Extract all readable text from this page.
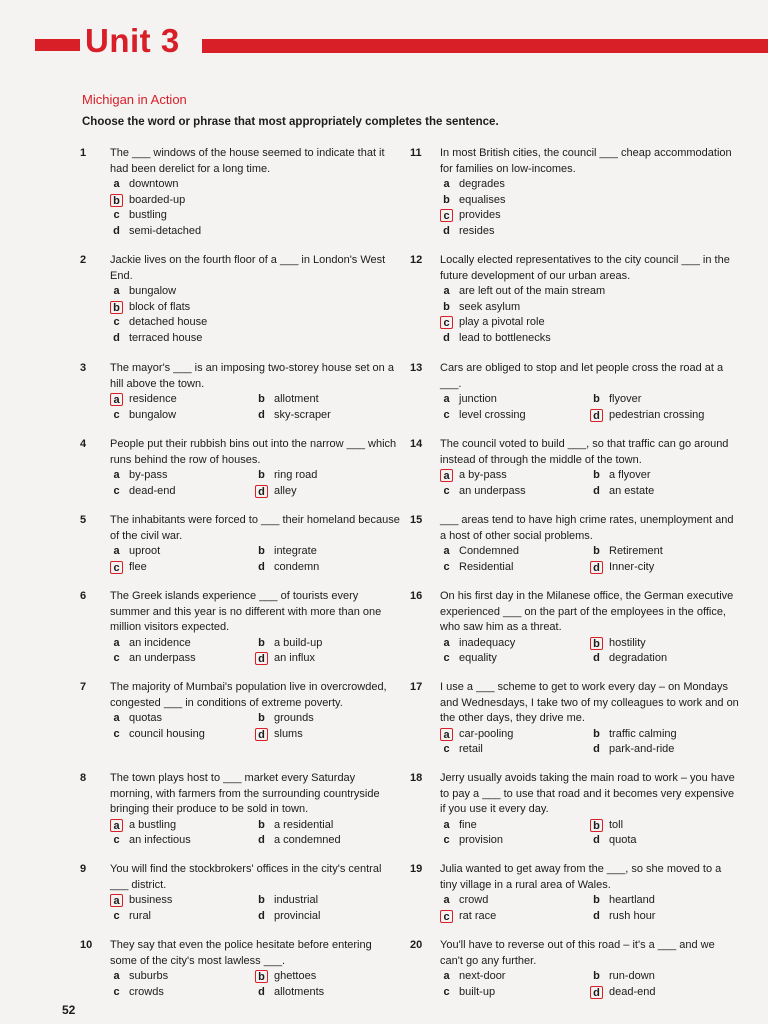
Unit 3
Michigan in Action
Choose the word or phrase that most appropriately completes the sentence.
1 The ___ windows of the house seemed to indicate that it had been derelict for a long time.
a downtown
b boarded-up
c bustling
d semi-detached
2 Jackie lives on the fourth floor of a ___ in London's West End.
a bungalow
b block of flats
c detached house
d terraced house
3 The mayor's ___ is an imposing two-storey house set on a hill above the town.
a residence	b allotment
c bungalow	d sky-scraper
4 People put their rubbish bins out into the narrow ___ which runs behind the row of houses.
a by-pass	b ring road
c dead-end	d alley
5 The inhabitants were forced to ___ their homeland because of the civil war.
a uproot	b integrate
c flee	d condemn
6 The Greek islands experience ___ of tourists every summer and this year is no different with more than one million visitors expected.
a an incidence	b a build-up
c an underpass	d an influx
7 The majority of Mumbai's population live in overcrowded, congested ___ in conditions of extreme poverty.
a quotas	b grounds
c council housing	d slums
8 The town plays host to ___ market every Saturday morning, with farmers from the surrounding countryside bringing their produce to be sold in town.
a a bustling	b a residential
c an infectious	d a condemned
9 You will find the stockbrokers' offices in the city's central ___ district.
a business	b industrial
c rural	d provincial
10 They say that even the police hesitate before entering some of the city's most lawless ___.
a suburbs	b ghettoes
c crowds	d allotments
11 In most British cities, the council ___ cheap accommodation for families on low-incomes.
a degrades
b equalises
c provides
d resides
12 Locally elected representatives to the city council ___ in the future development of our urban areas.
a are left out of the main stream
b seek asylum
c play a pivotal role
d lead to bottlenecks
13 Cars are obliged to stop and let people cross the road at a ___.
a junction	b flyover
c level crossing	d pedestrian crossing
14 The council voted to build ___, so that traffic can go around instead of through the middle of the town.
a a by-pass	b a flyover
c an underpass	d an estate
15 ___ areas tend to have high crime rates, unemployment and a host of other social problems.
a Condemned	b Retirement
c Residential	d Inner-city
16 On his first day in the Milanese office, the German executive experienced ___ on the part of the employees in the office, who saw him as a threat.
a inadequacy	b hostility
c equality	d degradation
17 I use a ___ scheme to get to work every day – on Mondays and Wednesdays, I take two of my colleagues to work and on the other days, they drive me.
a car-pooling	b traffic calming
c retail	d park-and-ride
18 Jerry usually avoids taking the main road to work – you have to pay a ___ to use that road and it becomes very expensive if you use it every day.
a fine	b toll
c provision	d quota
19 Julia wanted to get away from the ___, so she moved to a tiny village in a rural area of Wales.
a crowd	b heartland
c rat race	d rush hour
20 You'll have to reverse out of this road – it's a ___ and we can't go any further.
a next-door	b run-down
c built-up	d dead-end
52
